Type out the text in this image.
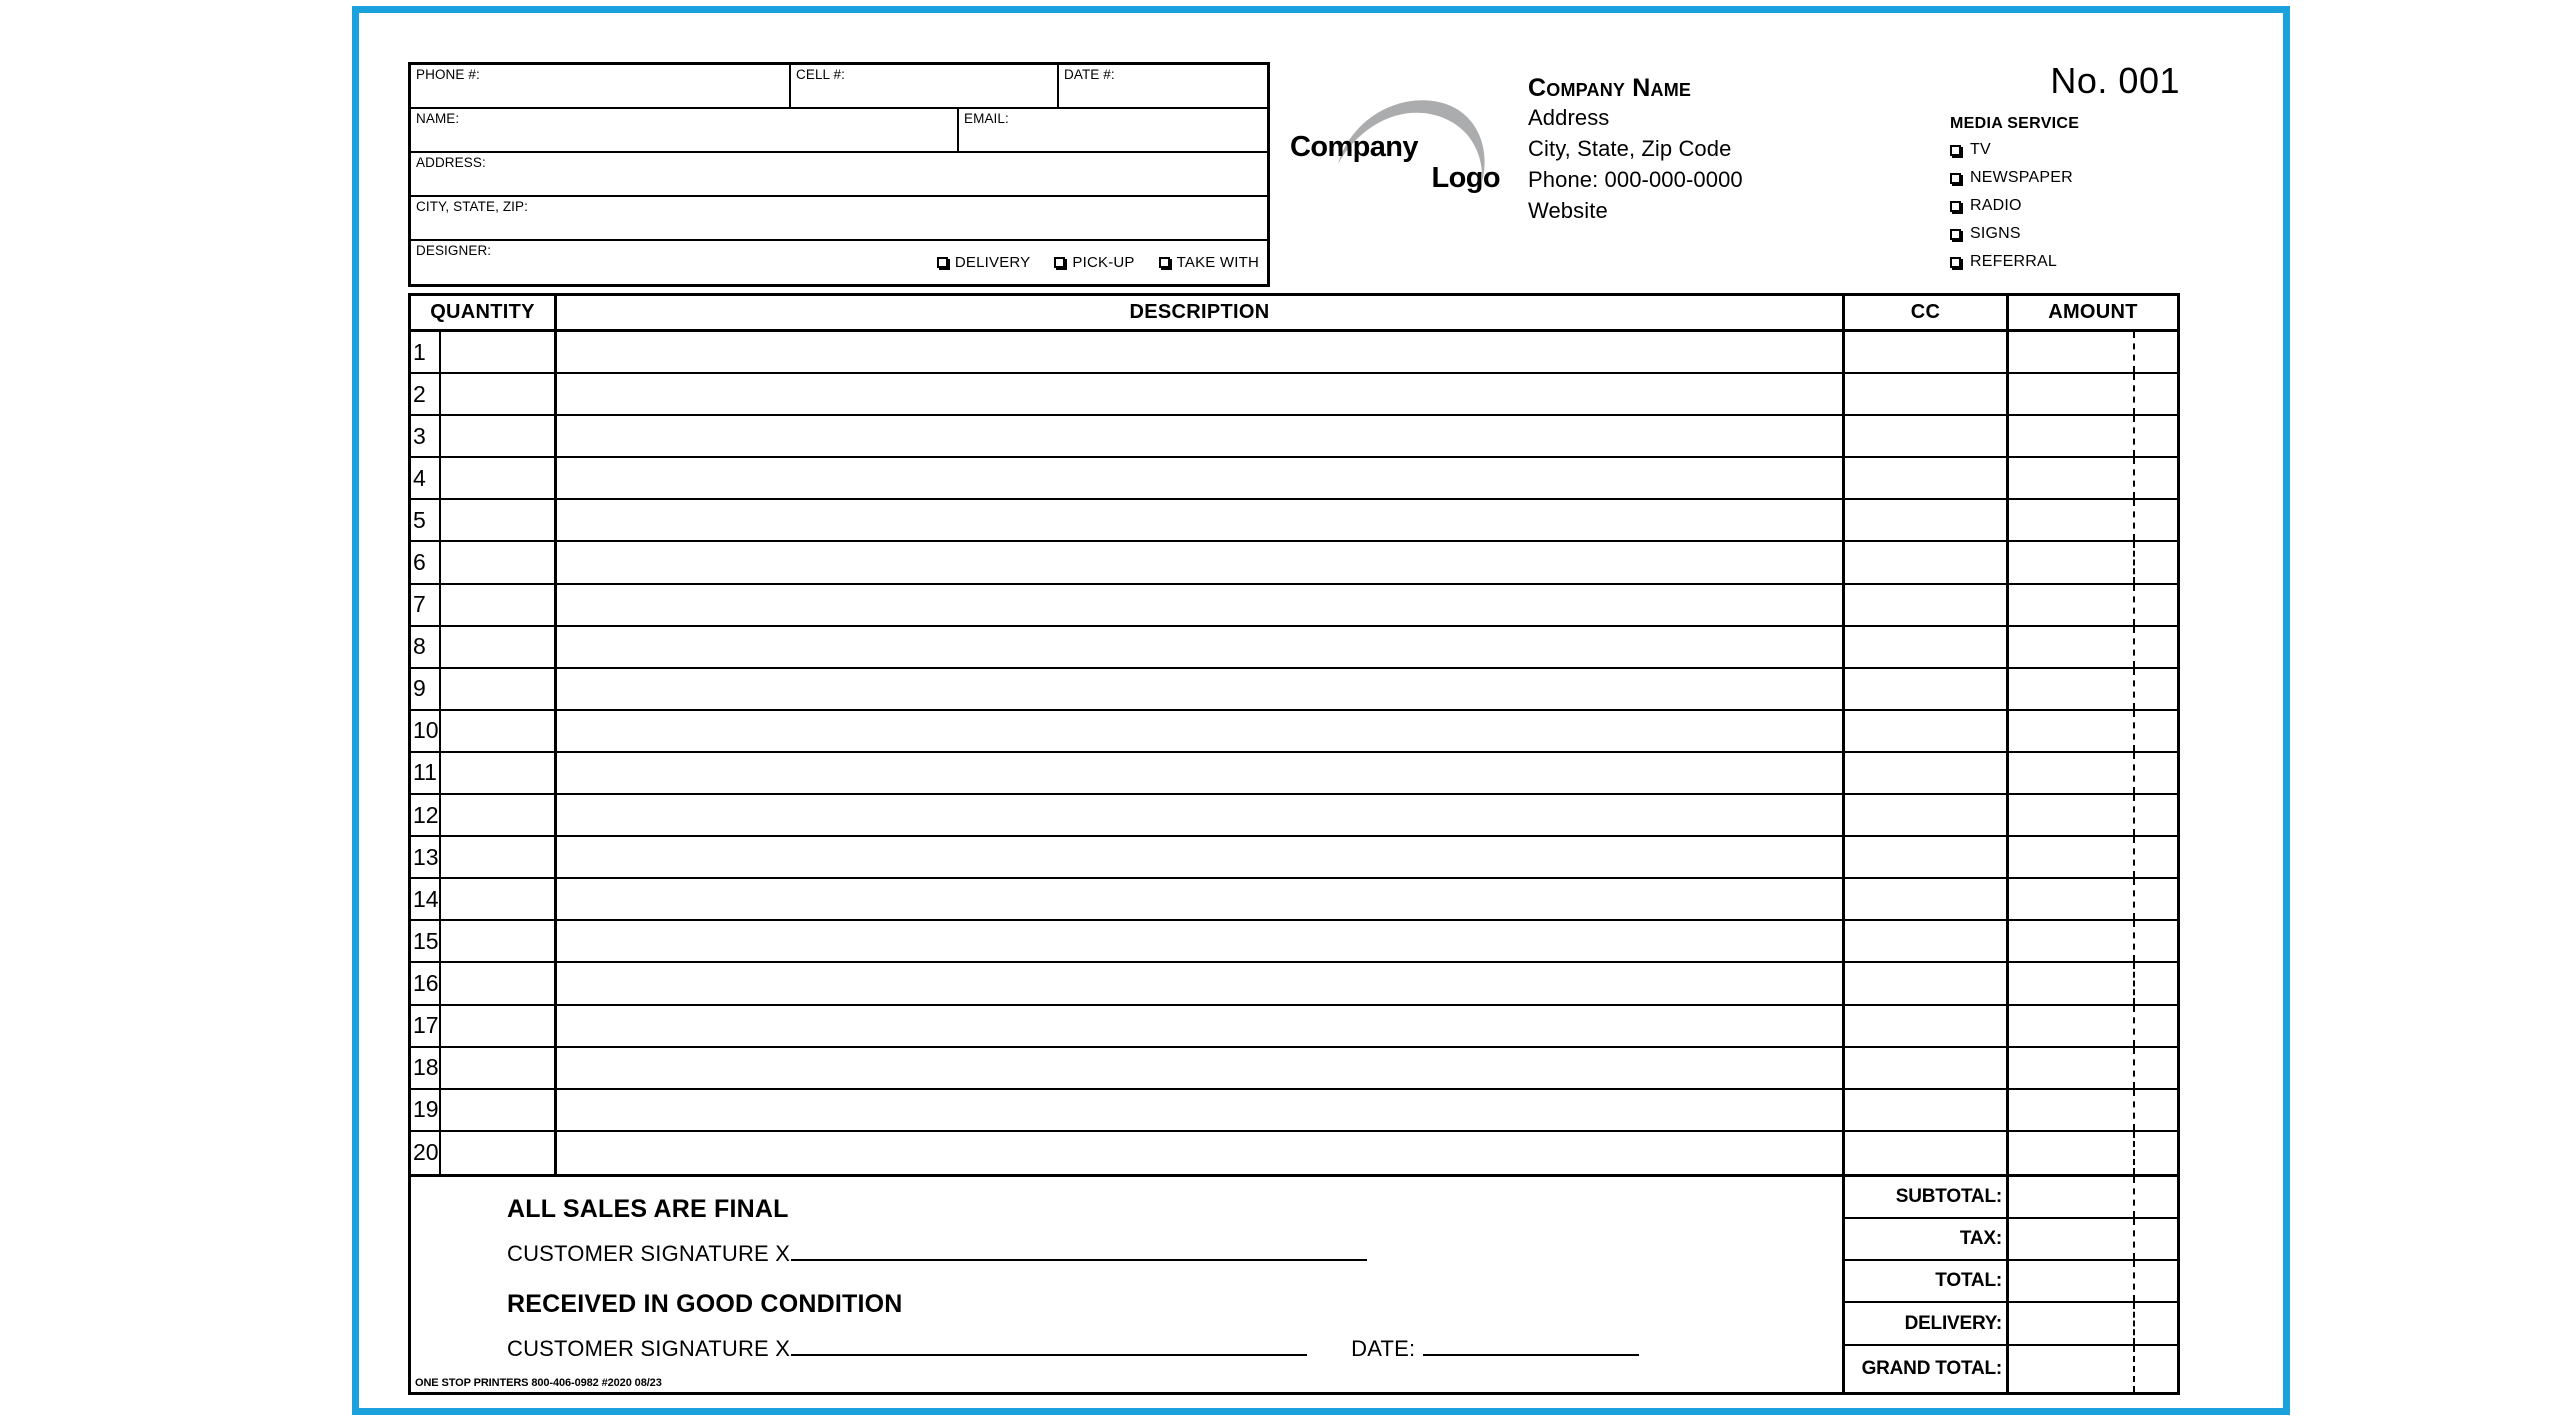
PHONE #:	CELL #:	DATE #:
NAME:	EMAIL:
ADDRESS:
CITY, STATE, ZIP:
DESIGNER:
DELIVERY	PICK-UP	TAKE WITH
Company
Logo
Company Name
Address
City, State, Zip Code
Phone: 000-000-0000
Website
No. 001
MEDIA SERVICE
TV
NEWSPAPER
RADIO
SIGNS
REFERRAL
QUANTITY	DESCRIPTION	CC	AMOUNT
1
2
3
4
5
6
7
8
9
10
11
12
13
14
15
16
17
18
19
20
ALL SALES ARE FINAL
CUSTOMER SIGNATURE X
RECEIVED IN GOOD CONDITION
CUSTOMER SIGNATURE X	DATE:
ONE STOP PRINTERS 800-406-0982 #2020 08/23
SUBTOTAL:
TAX:
TOTAL:
DELIVERY:
GRAND TOTAL:
